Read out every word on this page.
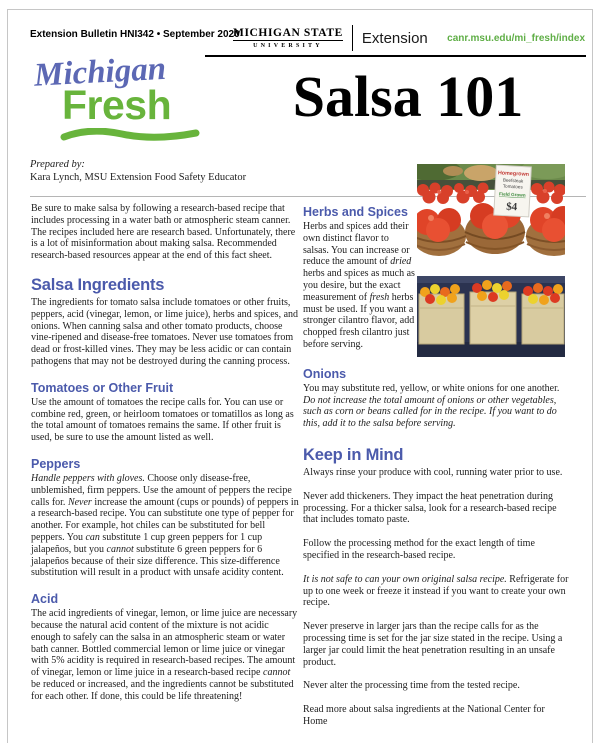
Extension Bulletin HNI342 • September 2020
MICHIGAN STATE
UNIVERSITY	Extension canr.msu.edu/mi_fresh/index
Michigan
Fresh	Salsa 101
Prepared by:
Kara Lynch, MSU Extension Food Safety Educator	Homegrown
Beefsteak
Tomatoes
Field Grown
$4

Be sure to make salsa by following a research-based recipe that includes processing in a water bath or atmospheric steam canner. The recipes included here are research based. Unfortunately, there is a lot of misinformation about making salsa. Recommended research-based resources appear at the end of this fact sheet.

Salsa Ingredients

The ingredients for tomato salsa include tomatoes or other fruits, peppers, acid (vinegar, lemon, or lime juice), herbs and spices, and onions. When canning salsa and other tomato products, choose vine-ripened and disease-free tomatoes. Never use tomatoes from dead or frost-killed vines. They may be less acidic or can contain pathogens that may not be destroyed during the canning process.

Tomatoes or Other Fruit

Use the amount of tomatoes the recipe calls for. You can use or combine red, green, or heirloom tomatoes or tomatillos as long as the total amount of tomatoes remains the same. If other fruit is used, be sure to use the amount listed as well.

Peppers

Handle peppers with gloves. Choose only disease-free, unblemished, firm peppers. Use the amount of peppers the recipe calls for. Never increase the amount (cups or pounds) of peppers in a research-based recipe. You can substitute one type of pepper for another. For example, hot chiles can be substituted for bell peppers. You can substitute 1 cup green peppers for 1 cup jalapeños, but you cannot substitute 6 green peppers for 6 jalapeños because of their size difference. This size-difference substitution will result in a product with unsafe acidity content.

Acid

The acid ingredients of vinegar, lemon, or lime juice are necessary because the natural acid content of the mixture is not acidic enough to safely can the salsa in an atmospheric steam or water bath canner. Bottled commercial lemon or lime juice or vinegar with 5% acidity is required in research-based recipes. The amount of vinegar, lemon or lime juice in a research-based recipe cannot be reduced or increased, and the ingredients cannot be substituted for each other. If done, this could be life threatening!

Herbs and Spices

Herbs and spices add their own distinct flavor to salsas. You can increase or reduce the amount of dried herbs and spices as much as you desire, but the exact measurement of fresh herbs must be used. If you want a stronger cilantro flavor, add chopped fresh cilantro just before serving.

Onions

You may substitute red, yellow, or white onions for one another. Do not increase the total amount of onions or other vegetables, such as corn or beans called for in the recipe. If you want to do this, add it to the salsa before serving.

Keep in Mind

Always rinse your produce with cool, running water prior to use.

Never add thickeners. They impact the heat penetration during processing. For a thicker salsa, look for a research-based recipe that includes tomato paste.

Follow the processing method for the exact length of time specified in the research-based recipe.

It is not safe to can your own original salsa recipe. Refrigerate for up to one week or freeze it instead if you want to create your own recipe.

Never preserve in larger jars than the recipe calls for as the processing time is set for the jar size stated in the recipe. Using a larger jar could limit the heat penetration resulting in an unsafe product.

Never alter the processing time from the tested recipe.

Read more about salsa ingredients at the National Center for Home
